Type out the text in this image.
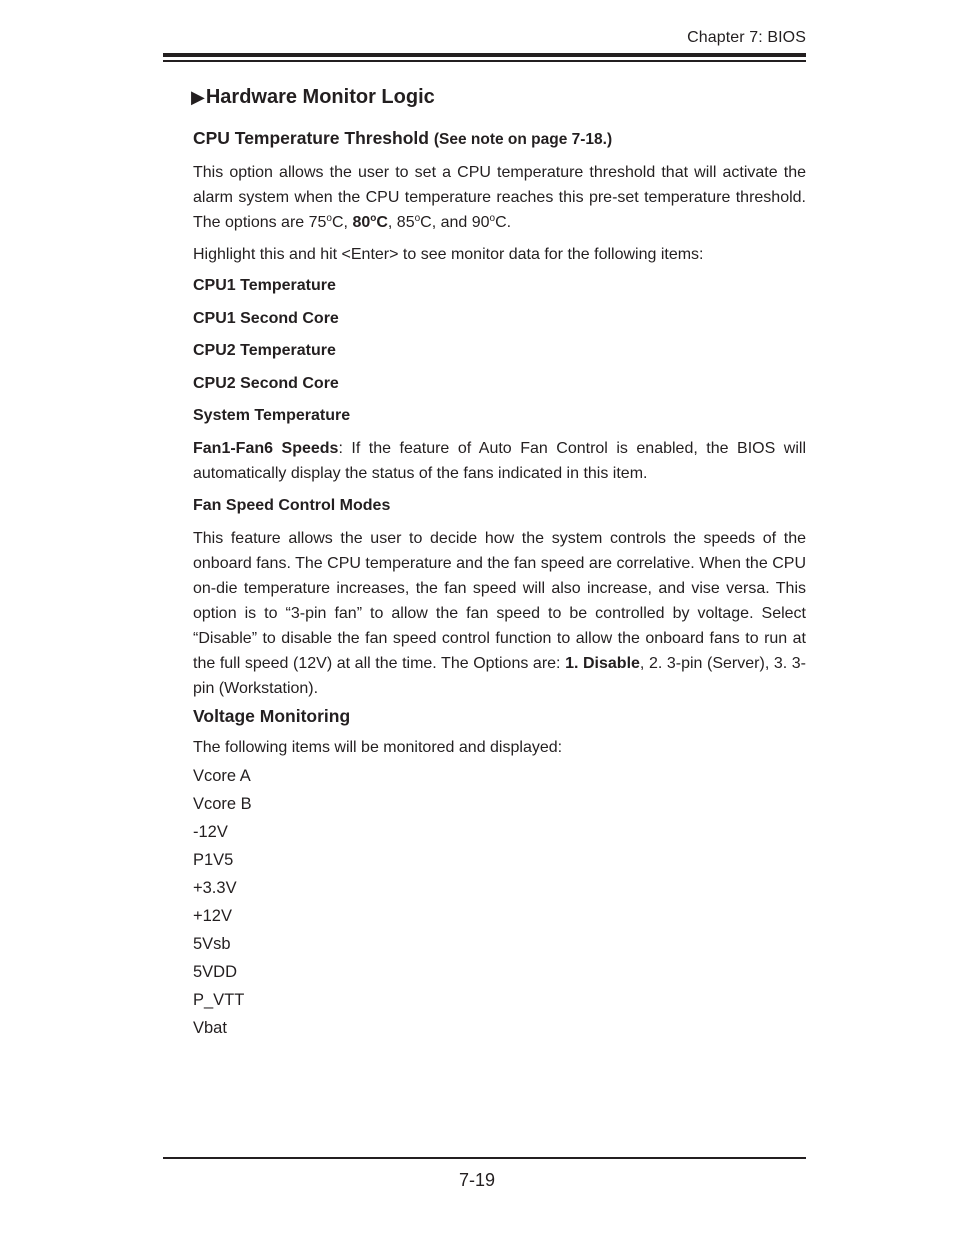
Chapter 7: BIOS
▶Hardware Monitor Logic
CPU Temperature Threshold (See note on page 7-18.)

This option allows the user to set a CPU temperature threshold that will activate the alarm system when the CPU temperature reaches this pre-set temperature threshold. The options are 75$^o$C, 80$^o$C, 85$^o$C, and 90$^o$C.

Highlight this and hit <Enter> to see monitor data for the following items:

CPU1 Temperature
CPU1 Second Core
CPU2 Temperature
CPU2 Second Core
System Temperature

Fan1-Fan6 Speeds: If the feature of Auto Fan Control is enabled, the BIOS will automatically display the status of the fans indicated in this item.

Fan Speed Control Modes

This feature allows the user to decide how the system controls the speeds of the onboard fans. The CPU temperature and the fan speed are correlative. When the CPU on-die temperature increases, the fan speed will also increase, and vise versa. This option is to “3-pin fan” to allow the fan speed to be controlled by voltage. Select “Disable” to disable the fan speed control function to allow the onboard fans to run at the full speed (12V) at all the time. The Options are: 1. Disable, 2. 3-pin (Server), 3. 3-pin (Workstation).

Voltage Monitoring

The following items will be monitored and displayed:

Vcore A
Vcore B
-12V
P1V5
+3.3V
+12V
5Vsb
5VDD
P_VTT
Vbat
7-19
